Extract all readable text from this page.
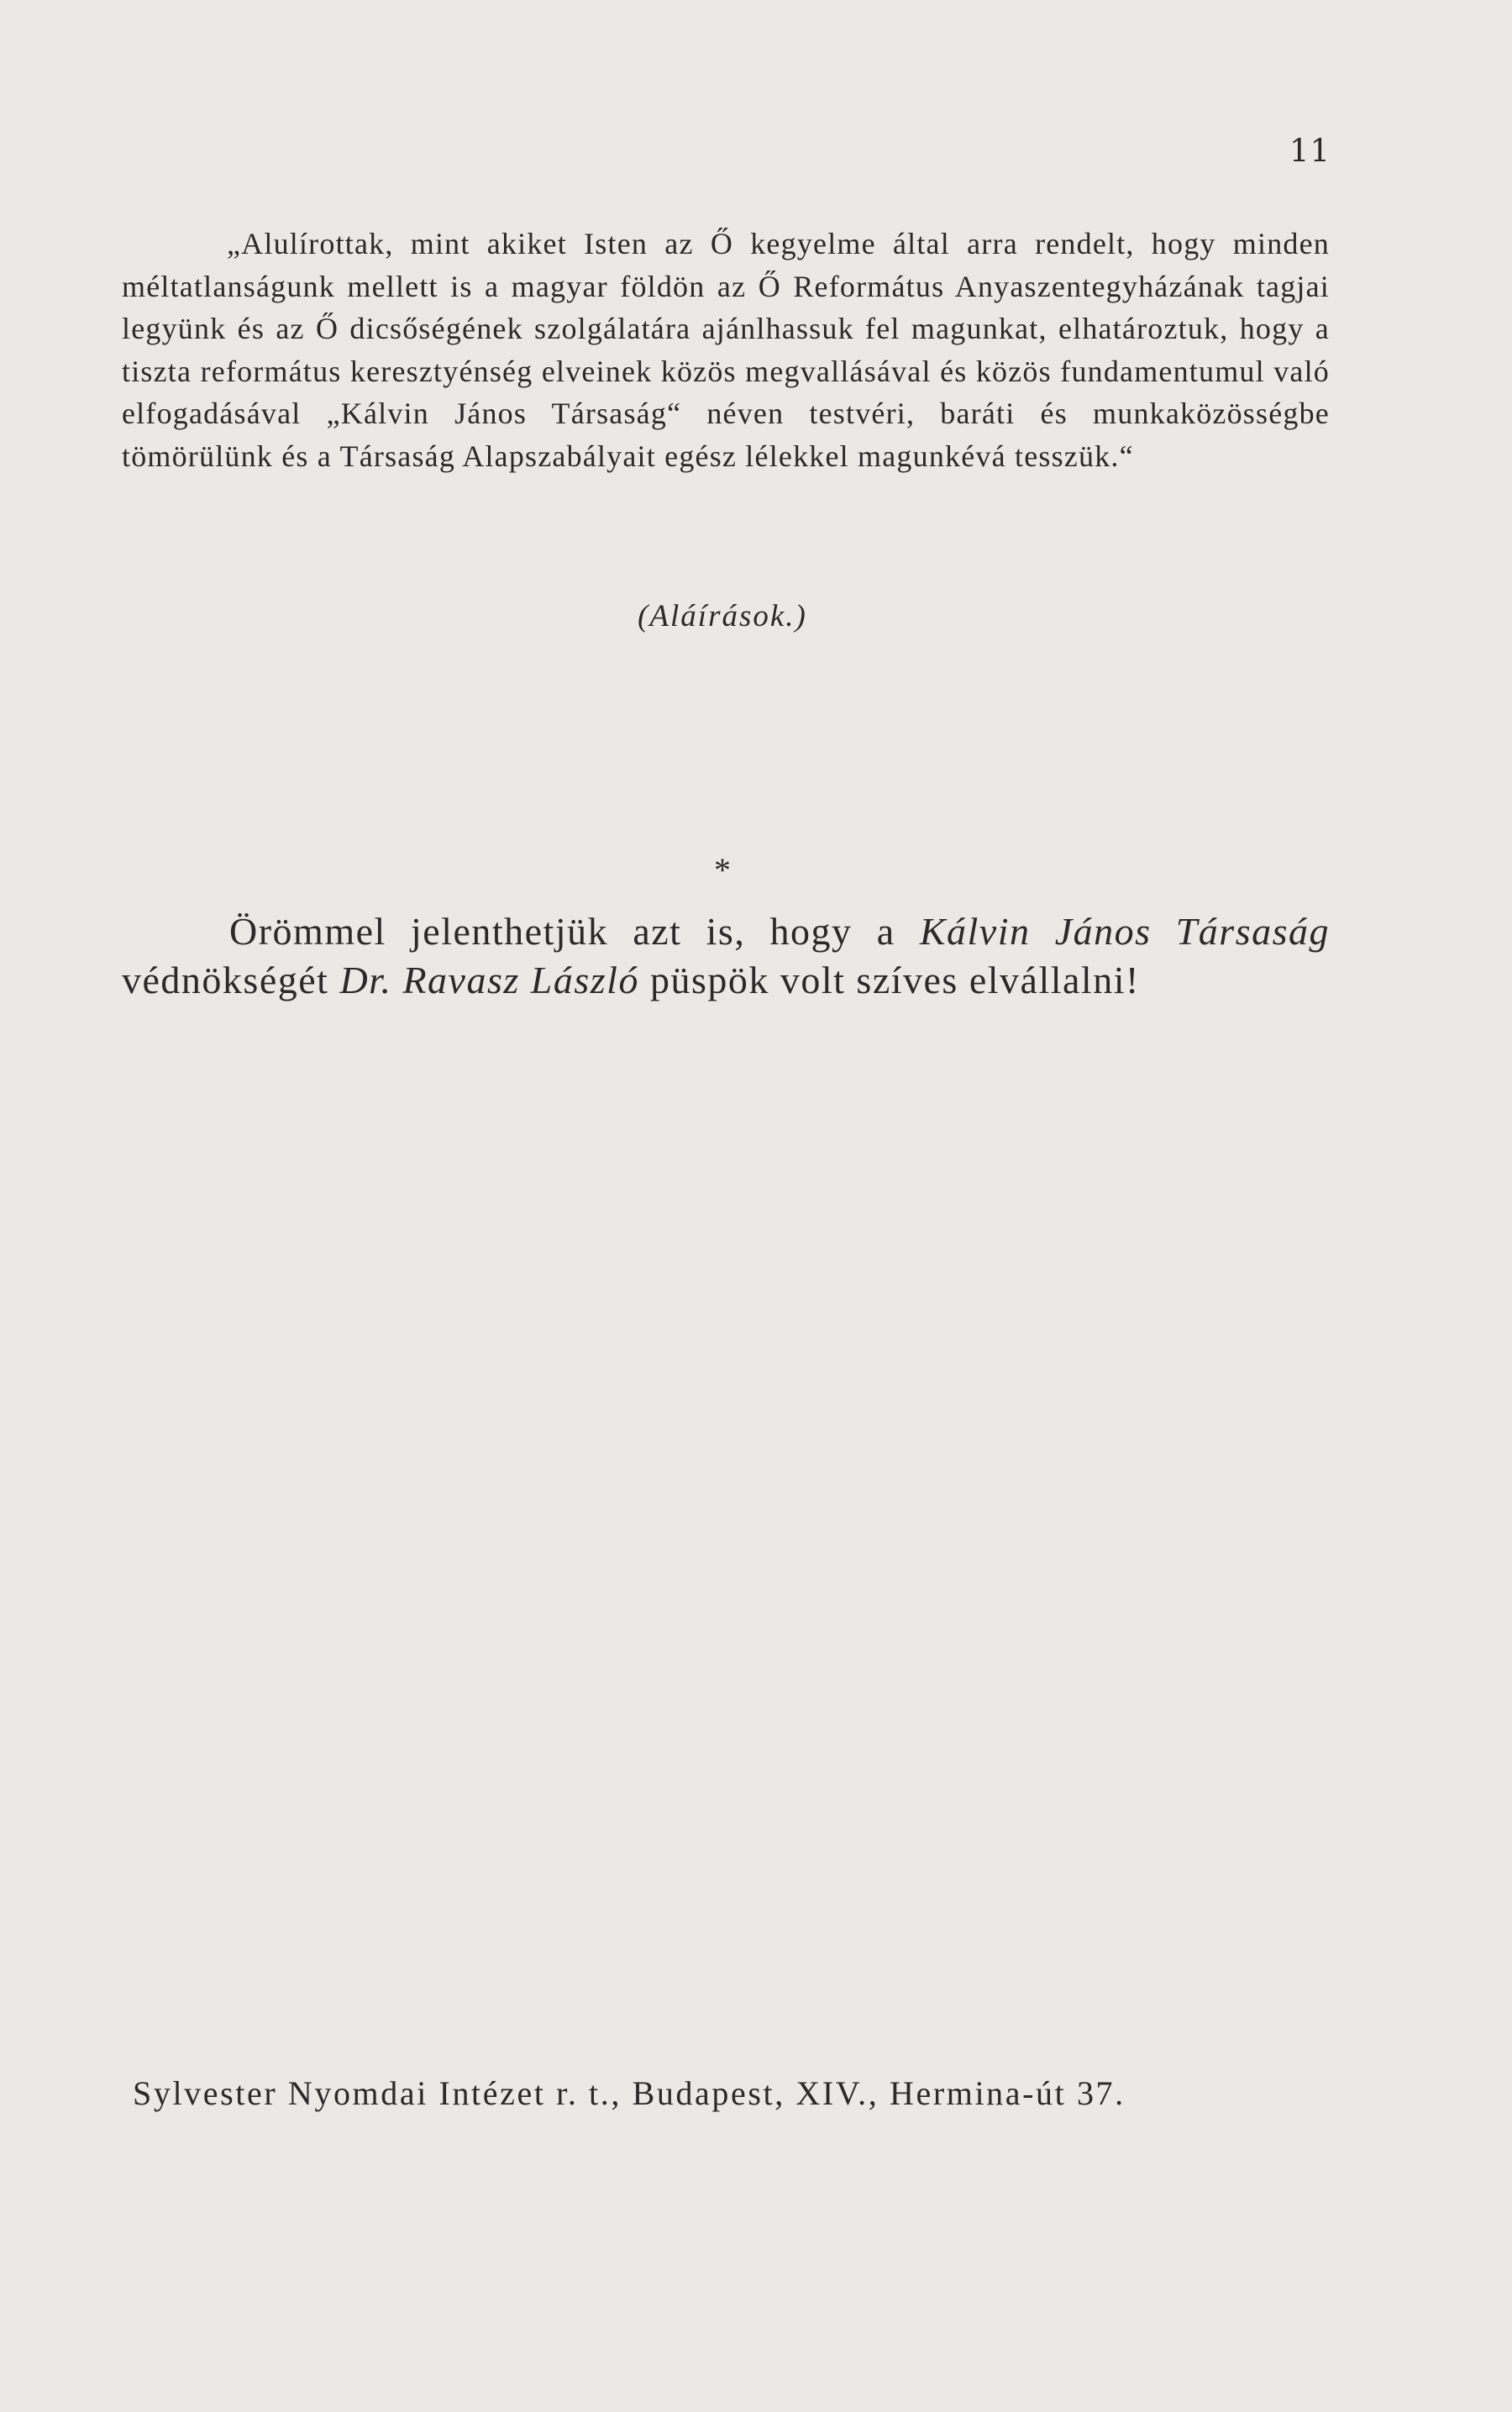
11

„Alulírottak, mint akiket Isten az Ő kegyelme által arra rendelt, hogy minden méltatlanságunk mellett is a magyar földön az Ő Református Anyaszentegyházának tagjai legyünk és az Ő dicsőségének szolgálatára ajánlhassuk fel magunkat, elhatároztuk, hogy a tiszta református keresztyénség elveinek közös megvallásával és közös fundamentumul való elfogadásával „Kálvin János Társaság“ néven testvéri, baráti és munkaközösségbe tömörülünk és a Társaság Alapszabályait egész lélekkel magunkévá tesszük.“

(Aláírások.)
*

Örömmel jelenthetjük azt is, hogy a Kálvin János Társaság védnökségét Dr. Ravasz László püspök volt szíves elvállalni!

Sylvester Nyomdai Intézet r. t., Budapest, XIV., Hermina-út 37.
